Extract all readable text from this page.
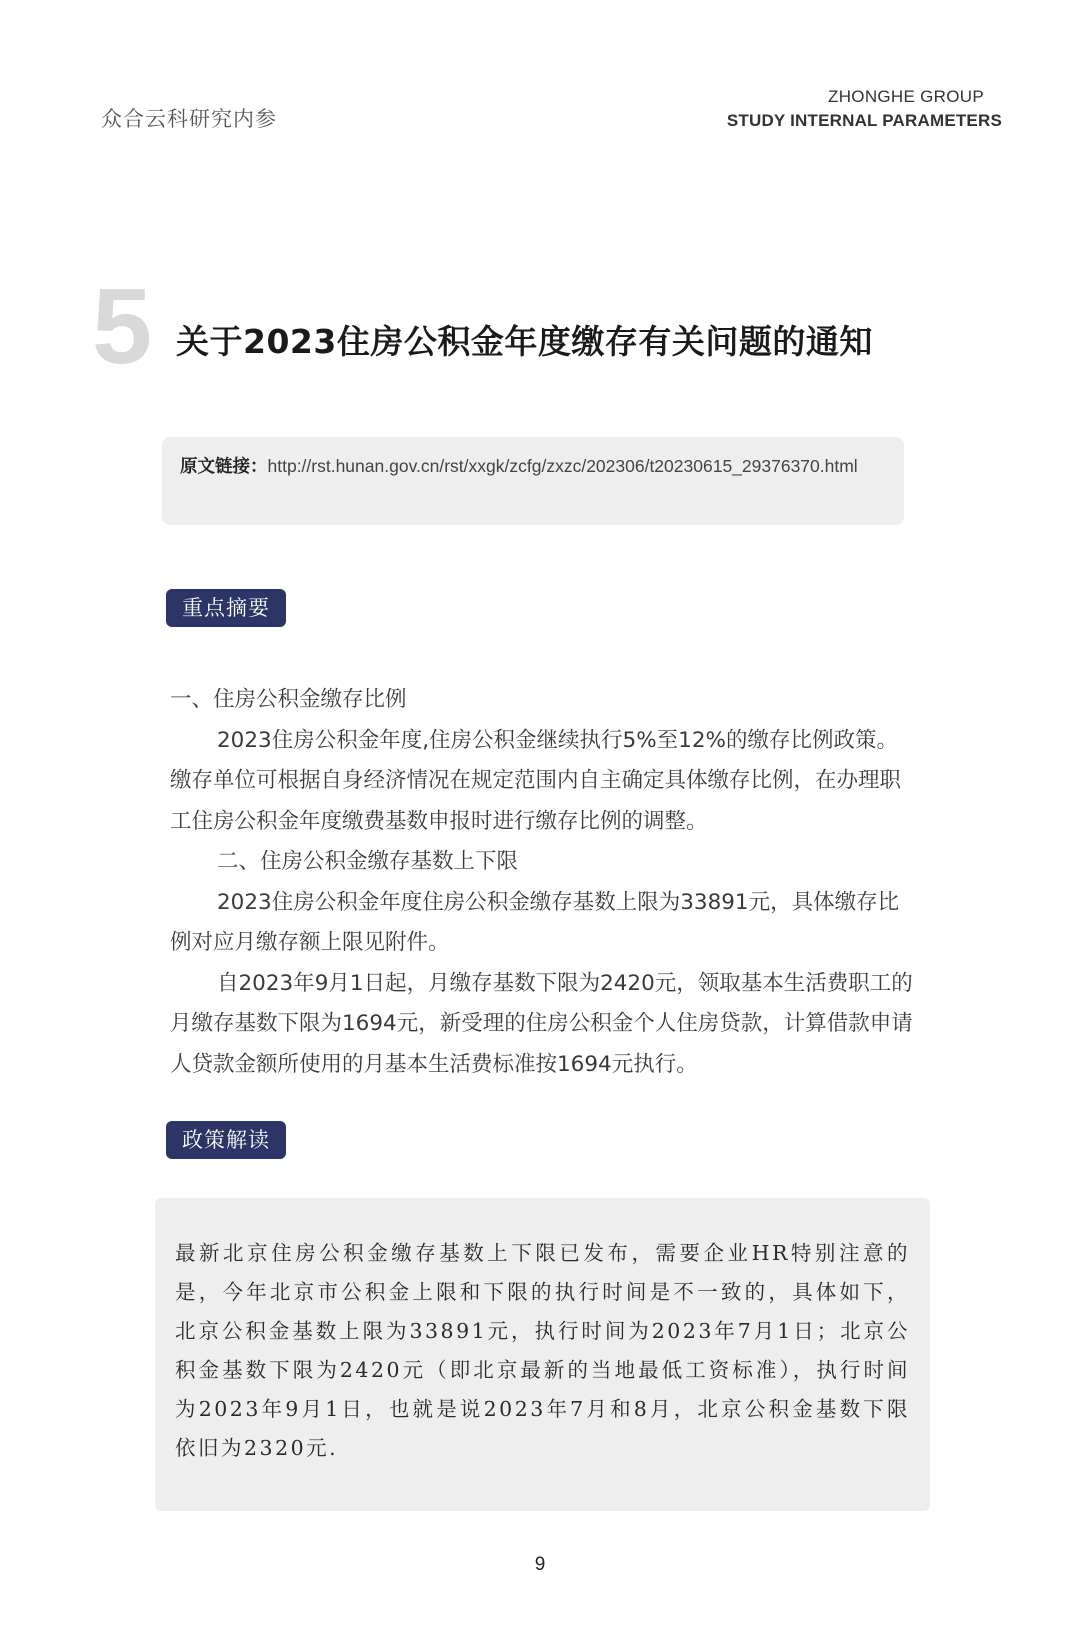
众合云科研究内参
ZHONGHE GROUP
STUDY INTERNAL PARAMETERS
5 关于2023住房公积金年度缴存有关问题的通知
原文链接：http://rst.hunan.gov.cn/rst/xxgk/zcfg/zxzc/202306/t20230615_29376370.html
重点摘要

一、住房公积金缴存比例

2023住房公积金年度,住房公积金继续执行5%至12%的缴存比例政策。缴存单位可根据自身经济情况在规定范围内自主确定具体缴存比例，在办理职工住房公积金年度缴费基数申报时进行缴存比例的调整。

二、住房公积金缴存基数上下限

2023住房公积金年度住房公积金缴存基数上限为33891元，具体缴存比例对应月缴存额上限见附件。

自2023年9月1日起，月缴存基数下限为2420元，领取基本生活费职工的月缴存基数下限为1694元，新受理的住房公积金个人住房贷款，计算借款申请人贷款金额所使用的月基本生活费标准按1694元执行。

政策解读
最新北京住房公积金缴存基数上下限已发布，需要企业HR特别注意的是，今年北京市公积金上限和下限的执行时间是不一致的，具体如下，北京公积金基数上限为33891元，执行时间为2023年7月1日；北京公积金基数下限为2420元（即北京最新的当地最低工资标准），执行时间为2023年9月1日，也就是说2023年7月和8月，北京公积金基数下限依旧为2320元.
9
